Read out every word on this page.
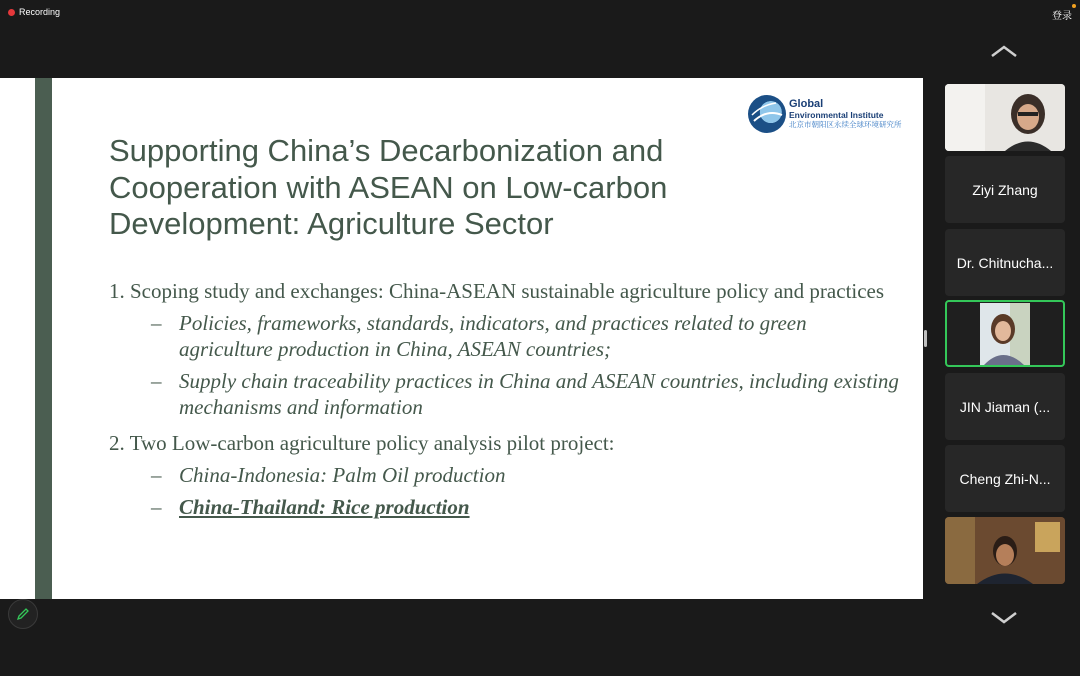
Recording	登录
Global
Environmental Institute
北京市朝阳区永续全球环境研究所
Supporting China’s Decarbonization and Cooperation with ASEAN on Low-carbon Development: Agriculture Sector

1. Scoping study and exchanges: China-ASEAN sustainable agriculture policy and practices

– Policies, frameworks, standards, indicators, and practices related to green agriculture production in China, ASEAN countries;
– Supply chain traceability practices in China and ASEAN countries, including existing mechanisms and information

2. Two Low-carbon agriculture policy analysis pilot project:

– China-Indonesia: Palm Oil production
– China-Thailand: Rice production
Ziyi Zhang
Dr. Chitnucha...
JIN Jiaman (...
Cheng Zhi-N...
